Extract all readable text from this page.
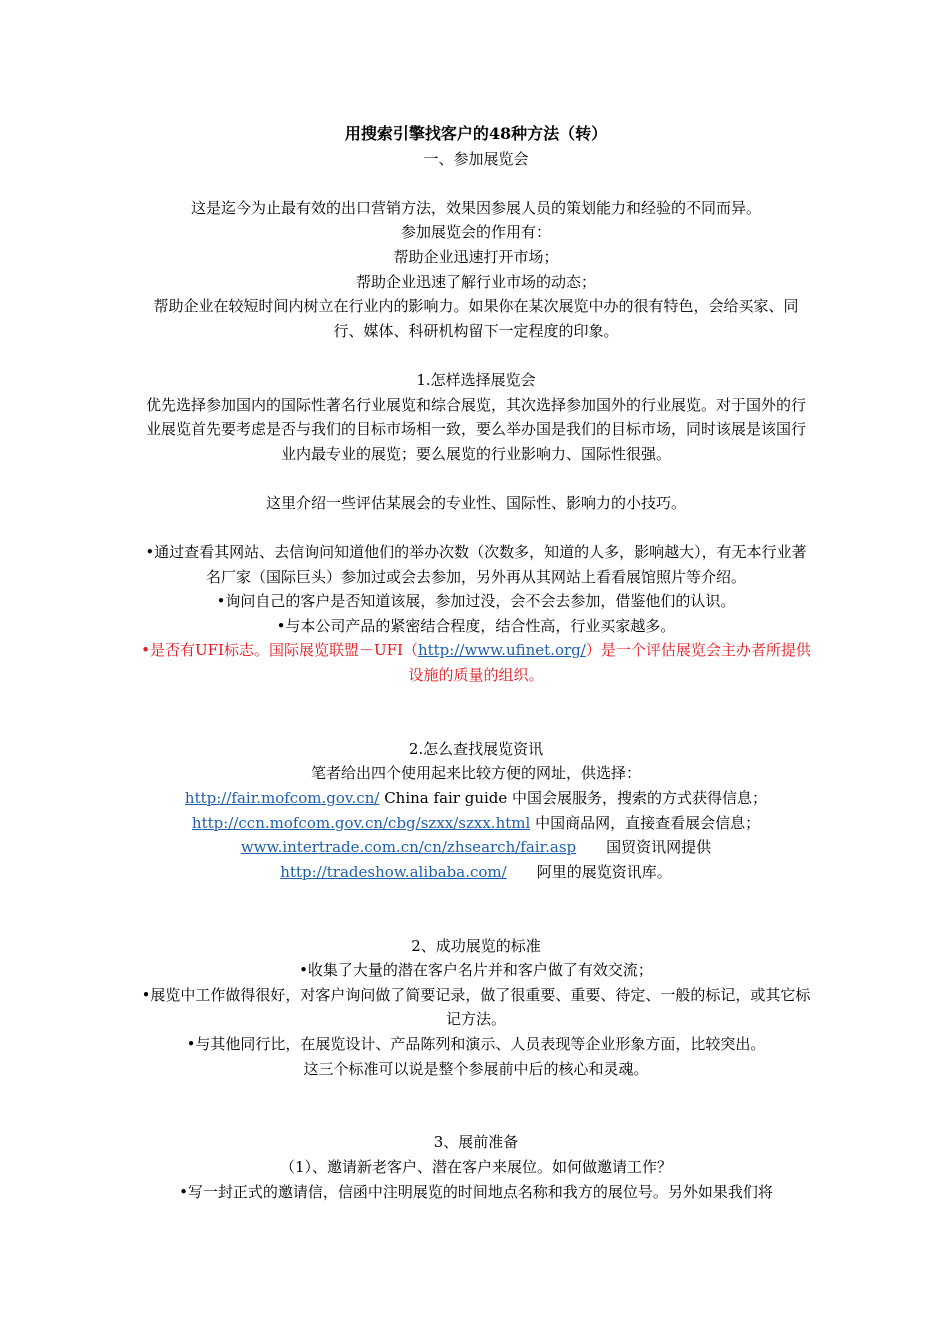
用搜索引擎找客户的48种方法（转）
一、参加展览会
这是迄今为止最有效的出口营销方法，效果因参展人员的策划能力和经验的不同而异。
参加展览会的作用有：
帮助企业迅速打开市场；
帮助企业迅速了解行业市场的动态；
帮助企业在较短时间内树立在行业内的影响力。如果你在某次展览中办的很有特色，会给买家、同行、媒体、科研机构留下一定程度的印象。
1.怎样选择展览会
优先选择参加国内的国际性著名行业展览和综合展览，其次选择参加国外的行业展览。对于国外的行业展览首先要考虑是否与我们的目标市场相一致，要么举办国是我们的目标市场，同时该展是该国行业内最专业的展览；要么展览的行业影响力、国际性很强。
这里介绍一些评估某展会的专业性、国际性、影响力的小技巧。
•通过查看其网站、去信询问知道他们的举办次数（次数多，知道的人多，影响越大），有无本行业著名厂家（国际巨头）参加过或会去参加，另外再从其网站上看看展馆照片等介绍。
•询问自己的客户是否知道该展，参加过没，会不会去参加，借鉴他们的认识。
•与本公司产品的紧密结合程度，结合性高，行业买家越多。
•是否有UFI标志。国际展览联盟－UFI（http://www.ufinet.org/）是一个评估展览会主办者所提供设施的质量的组织。
2.怎么查找展览资讯
笔者给出四个使用起来比较方便的网址，供选择：
http://fair.mofcom.gov.cn/ China fair guide 中国会展服务，搜索的方式获得信息；
http://ccn.mofcom.gov.cn/cbg/szxx/szxx.html 中国商品网，直接查看展会信息；
www.intertrade.com.cn/cn/zhsearch/fair.asp 国贸资讯网提供
http://tradeshow.alibaba.com/ 阿里的展览资讯库。
2、成功展览的标准
•收集了大量的潜在客户名片并和客户做了有效交流；
•展览中工作做得很好，对客户询问做了简要记录，做了很重要、重要、待定、一般的标记，或其它标记方法。
•与其他同行比，在展览设计、产品陈列和演示、人员表现等企业形象方面，比较突出。
这三个标准可以说是整个参展前中后的核心和灵魂。
3、展前准备
（1）、邀请新老客户、潜在客户来展位。如何做邀请工作？
•写一封正式的邀请信，信函中注明展览的时间地点名称和我方的展位号。另外如果我们将
